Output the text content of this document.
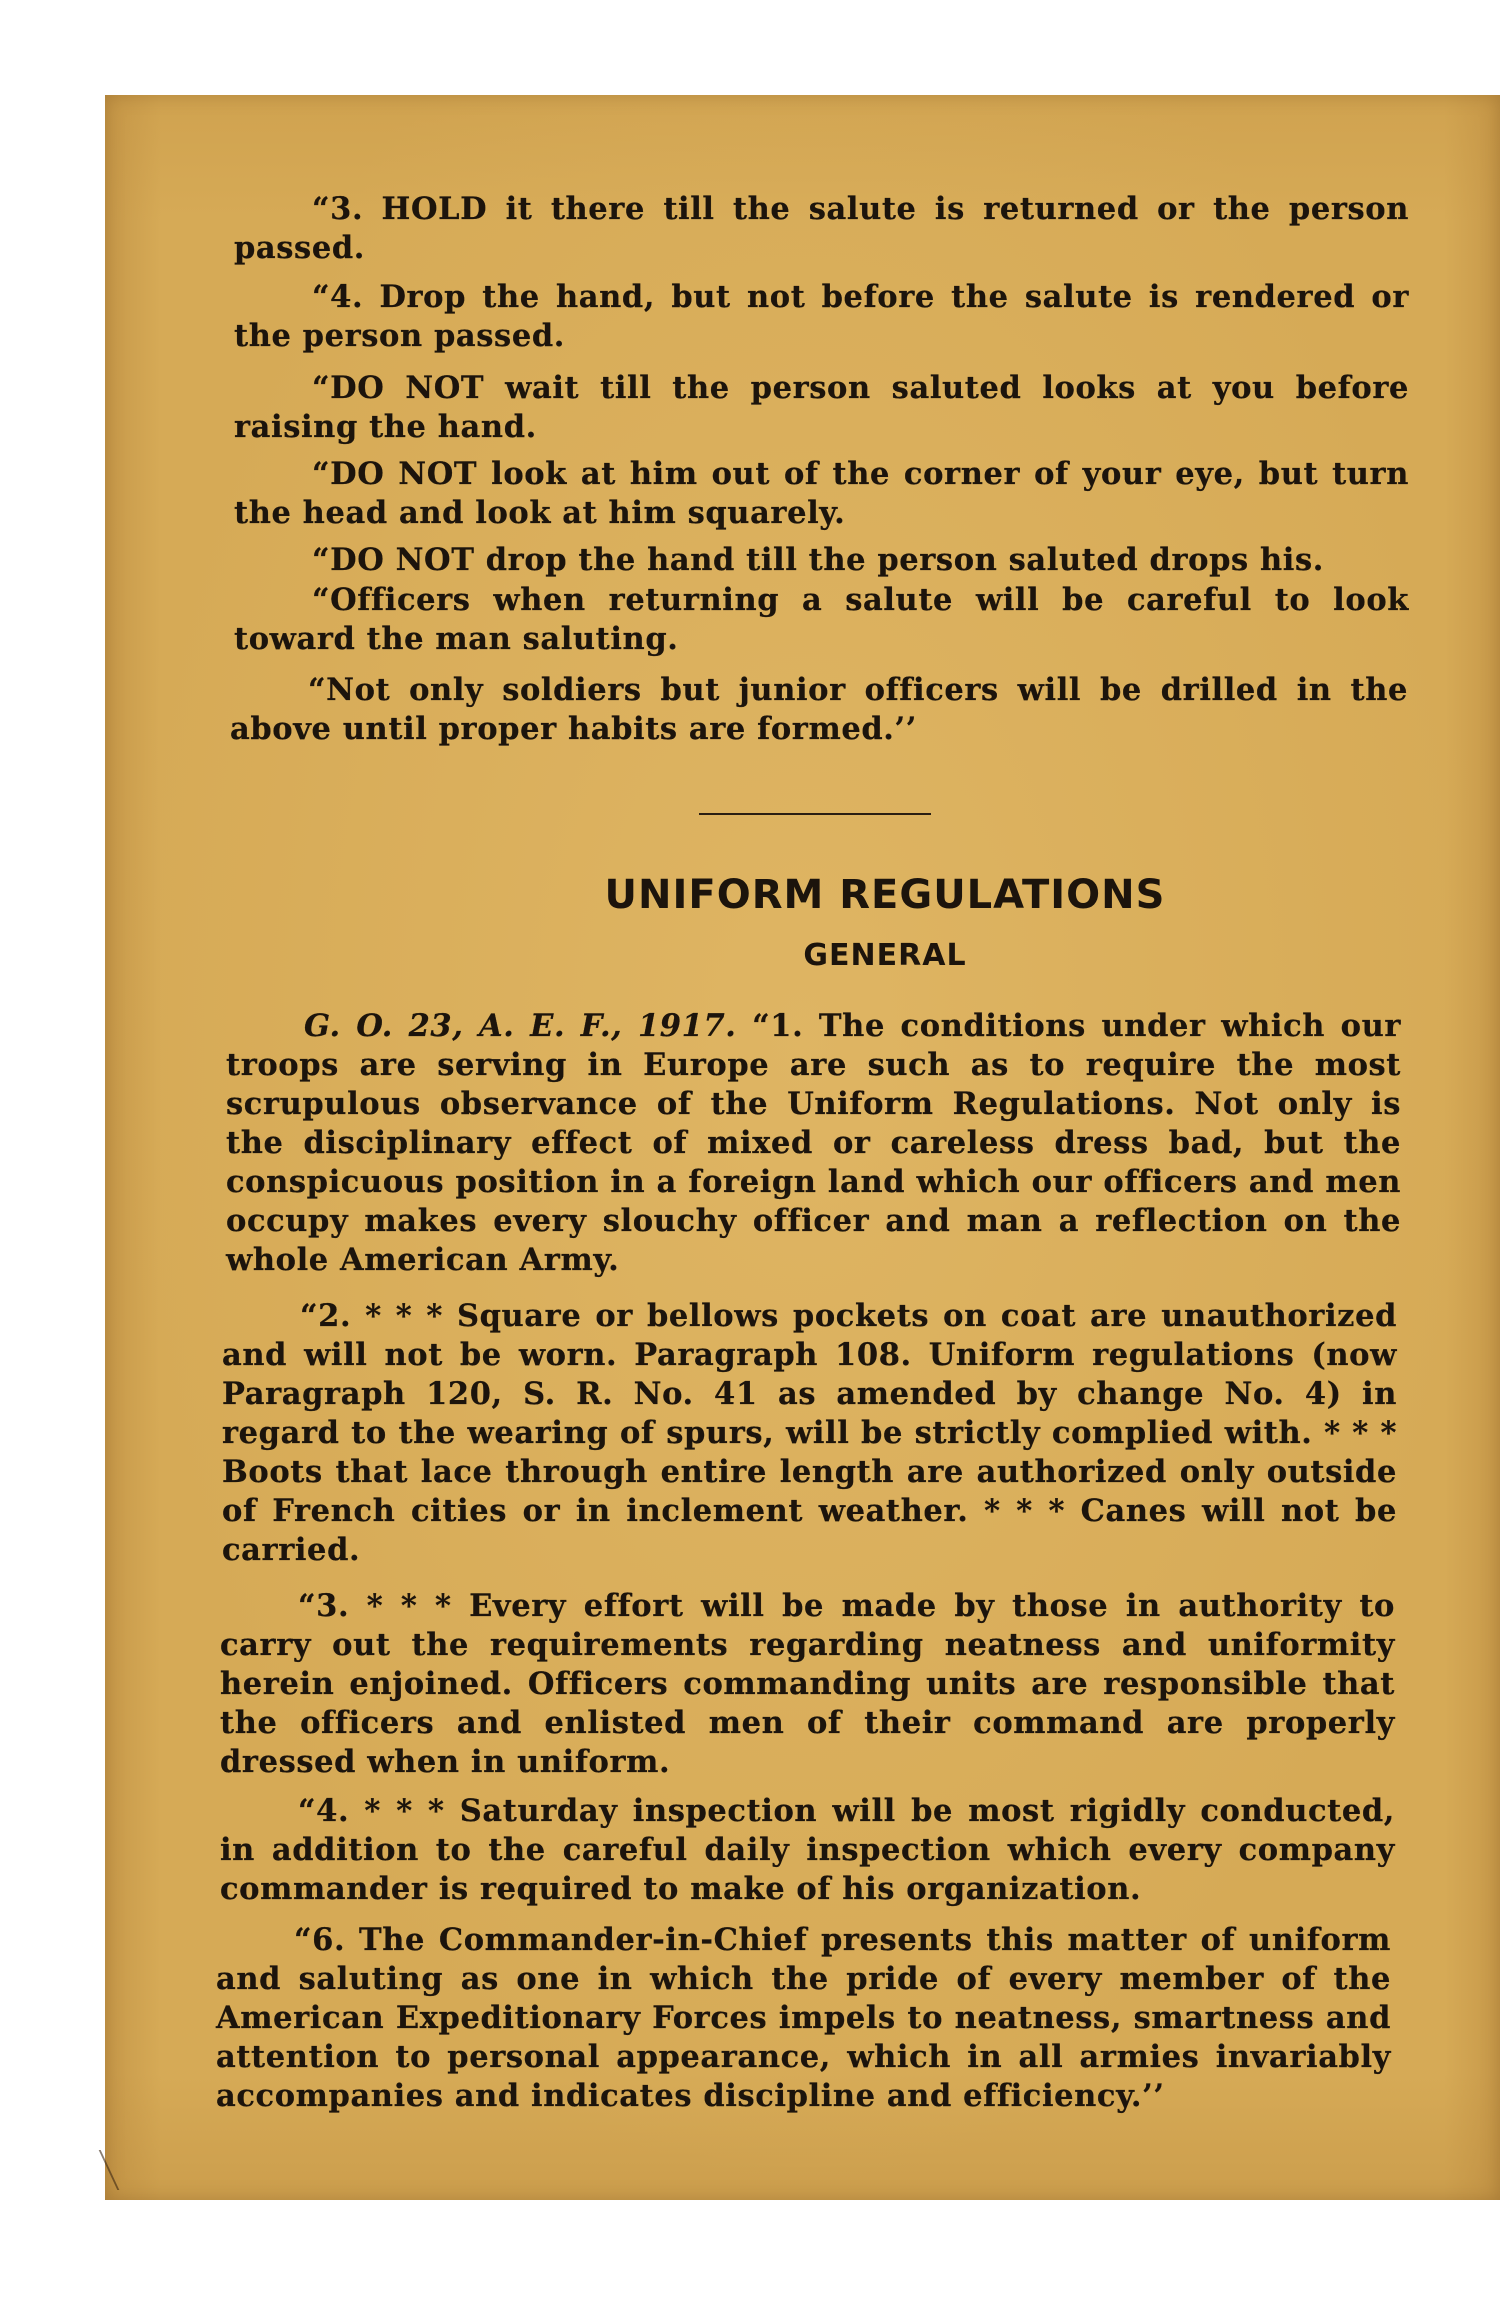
“3. HOLD it there till the salute is returned or the person passed.

“4. Drop the hand, but not before the salute is rendered or the person passed.

“DO NOT wait till the person saluted looks at you before raising the hand.

“DO NOT look at him out of the corner of your eye, but turn the head and look at him squarely.

“DO NOT drop the hand till the person saluted drops his.

“Officers when returning a salute will be careful to look toward the man saluting.

“Not only soldiers but junior officers will be drilled in the above until proper habits are formed.’’

UNIFORM REGULATIONS
GENERAL

G. O. 23, A. E. F., 1917. “1. The conditions under which our troops are serving in Europe are such as to require the most scrupulous observance of the Uniform Regulations. Not only is the disciplinary effect of mixed or careless dress bad, but the conspicuous position in a foreign land which our officers and men occupy makes every slouchy officer and man a reflection on the whole American Army.

“2. * * * Square or bellows pockets on coat are unauthorized and will not be worn. Paragraph 108. Uniform regulations (now Paragraph 120, S. R. No. 41 as amended by change No. 4) in regard to the wearing of spurs, will be strictly complied with. * * * Boots that lace through entire length are authorized only outside of French cities or in inclement weather. * * * Canes will not be carried.

“3. * * * Every effort will be made by those in authority to carry out the requirements regarding neatness and uniformity herein enjoined. Officers commanding units are responsible that the officers and enlisted men of their command are properly dressed when in uniform.

“4. * * * Saturday inspection will be most rigidly conducted, in addition to the careful daily inspection which every company commander is required to make of his organization.

“6. The Commander-in-Chief presents this matter of uniform and saluting as one in which the pride of every member of the American Expeditionary Forces impels to neatness, smartness and attention to personal appearance, which in all armies invariably accompanies and indicates discipline and efficiency.’’
